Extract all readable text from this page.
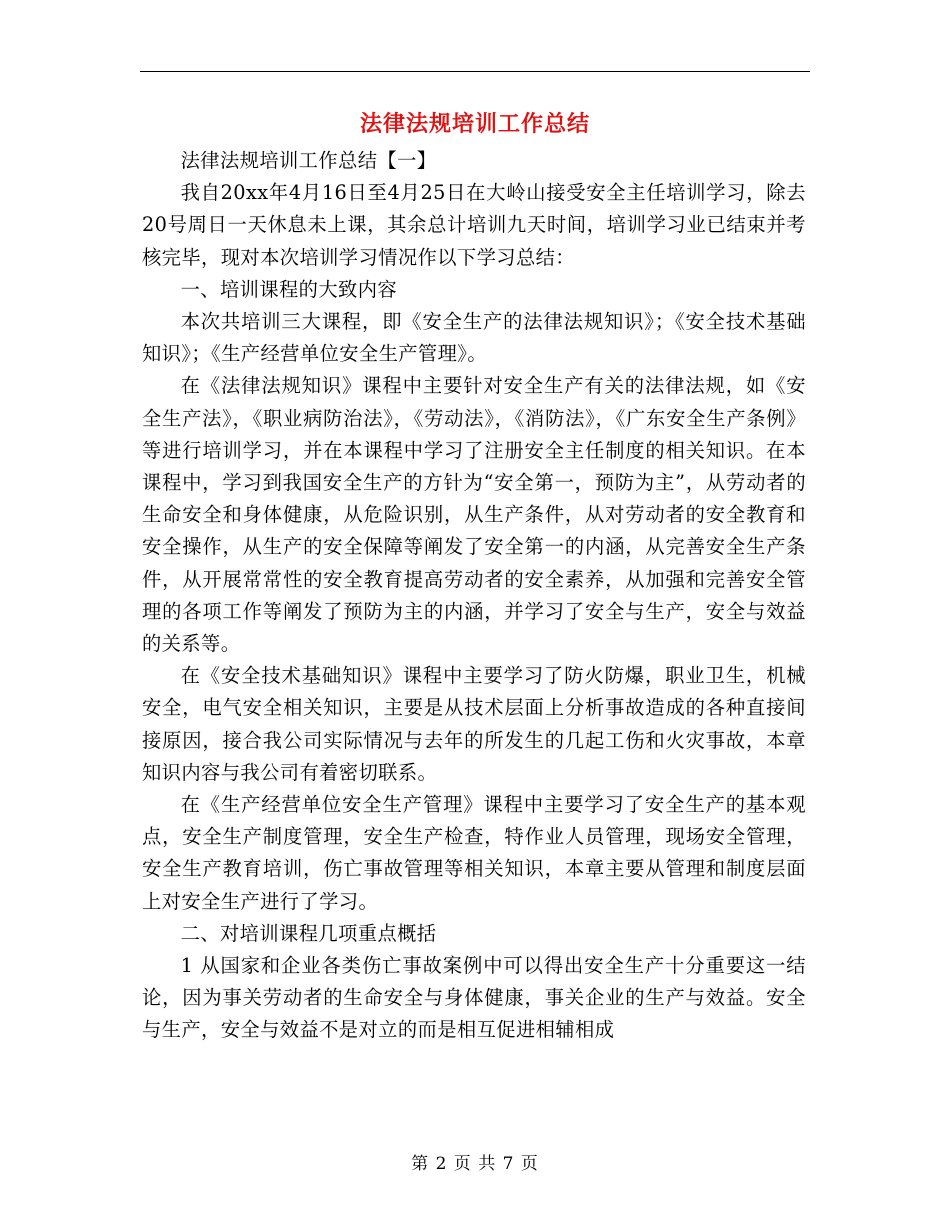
法律法规培训工作总结

法律法规培训工作总结【一】

我自20xx年4月16日至4月25日在大岭山接受安全主任培训学习，除去20号周日一天休息未上课，其余总计培训九天时间，培训学习业已结束并考核完毕，现对本次培训学习情况作以下学习总结：

一、培训课程的大致内容

本次共培训三大课程，即《安全生产的法律法规知识》；《安全技术基础知识》；《生产经营单位安全生产管理》。

在《法律法规知识》课程中主要针对安全生产有关的法律法规，如《安全生产法》，《职业病防治法》，《劳动法》，《消防法》，《广东安全生产条例》等进行培训学习，并在本课程中学习了注册安全主任制度的相关知识。在本课程中，学习到我国安全生产的方针为“安全第一，预防为主”，从劳动者的生命安全和身体健康，从危险识别，从生产条件，从对劳动者的安全教育和安全操作，从生产的安全保障等阐发了安全第一的内涵，从完善安全生产条件，从开展常常性的安全教育提高劳动者的安全素养，从加强和完善安全管理的各项工作等阐发了预防为主的内涵，并学习了安全与生产，安全与效益的关系等。

在《安全技术基础知识》课程中主要学习了防火防爆，职业卫生，机械安全，电气安全相关知识，主要是从技术层面上分析事故造成的各种直接间接原因，接合我公司实际情况与去年的所发生的几起工伤和火灾事故，本章知识内容与我公司有着密切联系。

在《生产经营单位安全生产管理》课程中主要学习了安全生产的基本观点，安全生产制度管理，安全生产检查，特作业人员管理，现场安全管理，安全生产教育培训，伤亡事故管理等相关知识，本章主要从管理和制度层面上对安全生产进行了学习。

二、对培训课程几项重点概括

1 从国家和企业各类伤亡事故案例中可以得出安全生产十分重要这一结论，因为事关劳动者的生命安全与身体健康，事关企业的生产与效益。安全与生产，安全与效益不是对立的而是相互促进相辅相成

第 2 页 共 7 页
